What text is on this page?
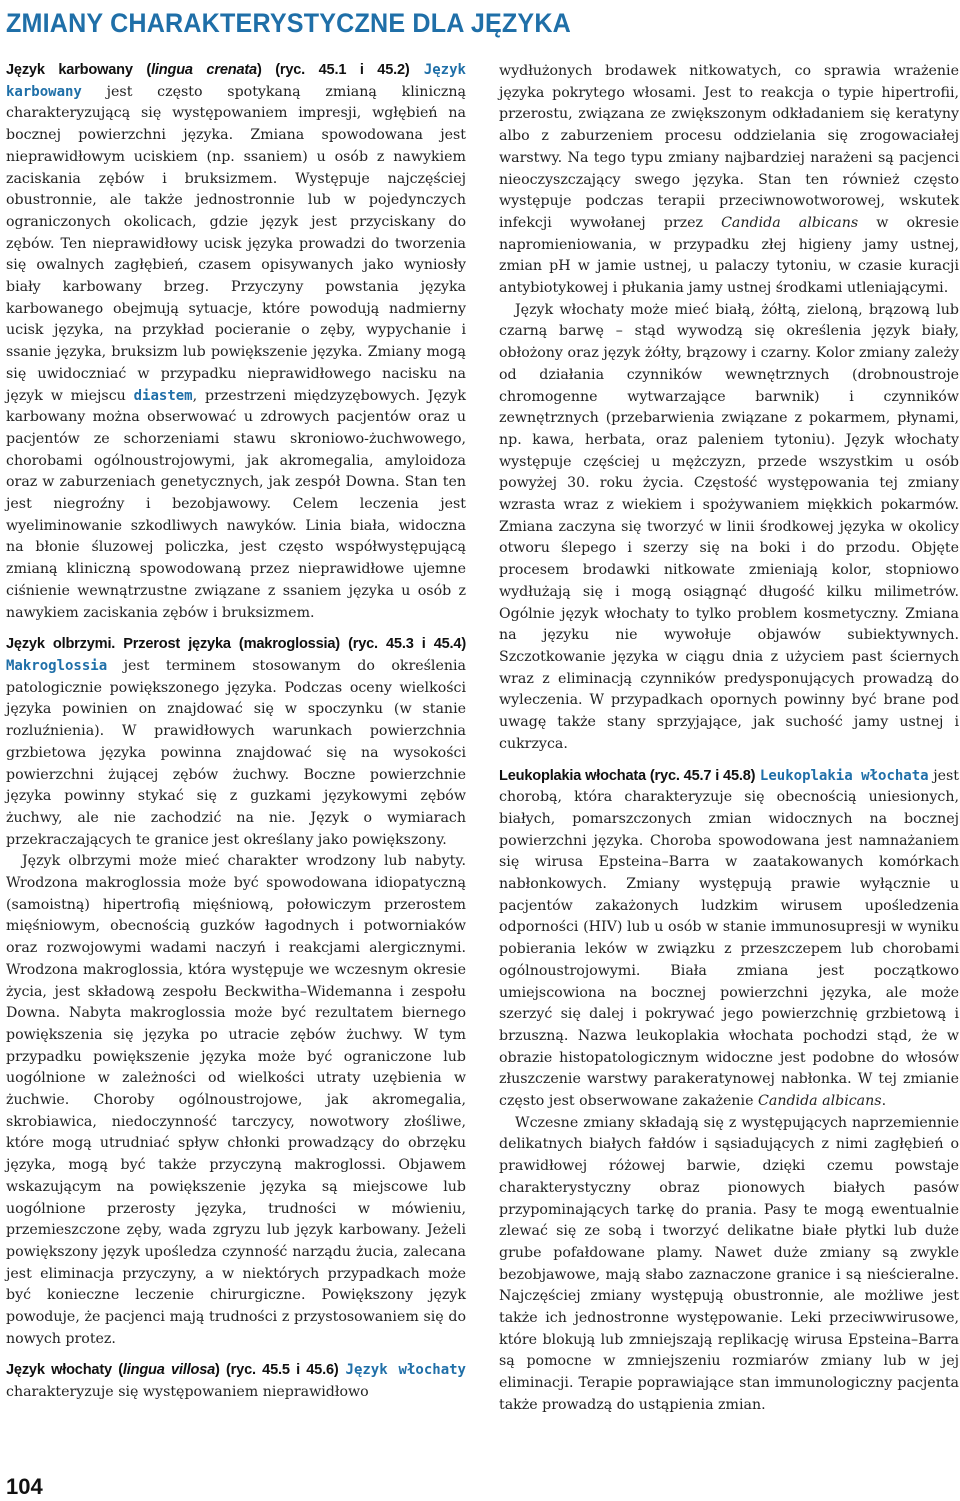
ZMIANY CHARAKTERYSTYCZNE DLA JĘZYKA

Język karbowany (lingua crenata) (ryc. 45.1 i 45.2) Język karbowany jest często spotykaną zmianą kliniczną charakteryzującą się występowaniem impresji, wgłębień na bocznej powierzchni języka. Zmiana spowodowana jest nieprawidłowym uciskiem (np. ssaniem) u osób z nawykiem zaciskania zębów i bruksizmem. Występuje najczęściej obustronnie, ale także jednostronnie lub w pojedynczych ograniczonych okolicach, gdzie język jest przyciskany do zębów. Ten nieprawidłowy ucisk języka prowadzi do tworzenia się owalnych zagłębień, czasem opisywanych jako wyniosły biały karbowany brzeg. Przyczyny powstania języka karbowanego obejmują sytuacje, które powodują nadmierny ucisk języka, na przykład pocieranie o zęby, wypychanie i ssanie języka, bruksizm lub powiększenie języka. Zmiany mogą się uwidoczniać w przypadku nieprawidłowego nacisku na język w miejscu diastem, przestrzeni międzyzębowych. Język karbowany można obserwować u zdrowych pacjentów oraz u pacjentów ze schorzeniami stawu skroniowo-żuchwowego, chorobami ogólnoustrojowymi, jak akromegalia, amyloidoza oraz w zaburzeniach genetycznych, jak zespół Downa. Stan ten jest niegroźny i bezobjawowy. Celem leczenia jest wyeliminowanie szkodliwych nawyków. Linia biała, widoczna na błonie śluzowej policzka, jest często współwystępującą zmianą kliniczną spowodowaną przez nieprawidłowe ujemne ciśnienie wewnątrzustne związane z ssaniem języka u osób z nawykiem zaciskania zębów i bruksizmem.

Język olbrzymi. Przerost języka (makroglossia) (ryc. 45.3 i 45.4) Makroglossia jest terminem stosowanym do określenia patologicznie powiększonego języka. Podczas oceny wielkości języka powinien on znajdować się w spoczynku (w stanie rozluźnienia). W prawidłowych warunkach powierzchnia grzbietowa języka powinna znajdować się na wysokości powierzchni żującej zębów żuchwy. Boczne powierzchnie języka powinny stykać się z guzkami językowymi zębów żuchwy, ale nie zachodzić na nie. Język o wymiarach przekraczających te granice jest określany jako powiększony.

Język olbrzymi może mieć charakter wrodzony lub nabyty. Wrodzona makroglossia może być spowodowana idiopatyczną (samoistną) hipertrofią mięśniową, połowiczym przerostem mięśniowym, obecnością guzków łagodnych i potworniaków oraz rozwojowymi wadami naczyń i reakcjami alergicznymi. Wrodzona makroglossia, która występuje we wczesnym okresie życia, jest składową zespołu Beckwitha–Widemanna i zespołu Downa. Nabyta makroglossia może być rezultatem biernego powiększenia się języka po utracie zębów żuchwy. W tym przypadku powiększenie języka może być ograniczone lub uogólnione w zależności od wielkości utraty uzębienia w żuchwie. Choroby ogólnoustrojowe, jak akromegalia, skrobiawica, niedoczynność tarczycy, nowotwory złośliwe, które mogą utrudniać spływ chłonki prowadzący do obrzęku języka, mogą być także przyczyną makroglossi. Objawem wskazującym na powiększenie języka są miejscowe lub uogólnione przerosty języka, trudności w mówieniu, przemieszczone zęby, wada zgryzu lub język karbowany. Jeżeli powiększony język upośledza czynność narządu żucia, zalecana jest eliminacja przyczyny, a w niektórych przypadkach może być konieczne leczenie chirurgiczne. Powiększony język powoduje, że pacjenci mają trudności z przystosowaniem się do nowych protez.

Język włochaty (lingua villosa) (ryc. 45.5 i 45.6) Język włochaty charakteryzuje się występowaniem nieprawidłowo

wydłużonych brodawek nitkowatych, co sprawia wrażenie języka pokrytego włosami. Jest to reakcja o typie hipertrofii, przerostu, związana ze zwiększonym odkładaniem się keratyny albo z zaburzeniem procesu oddzielania się zrogowaciałej warstwy. Na tego typu zmiany najbardziej narażeni są pacjenci nieoczyszczający swego języka. Stan ten również często występuje podczas terapii przeciwnowotworowej, wskutek infekcji wywołanej przez Candida albicans w okresie napromieniowania, w przypadku złej higieny jamy ustnej, zmian pH w jamie ustnej, u palaczy tytoniu, w czasie kuracji antybiotykowej i płukania jamy ustnej środkami utleniającymi.

Język włochaty może mieć białą, żółtą, zieloną, brązową lub czarną barwę – stąd wywodzą się określenia język biały, obłożony oraz język żółty, brązowy i czarny. Kolor zmiany zależy od działania czynników wewnętrznych (drobnoustroje chromogenne wytwarzające barwnik) i czynników zewnętrznych (przebarwienia związane z pokarmem, płynami, np. kawa, herbata, oraz paleniem tytoniu). Język włochaty występuje częściej u mężczyzn, przede wszystkim u osób powyżej 30. roku życia. Częstość występowania tej zmiany wzrasta wraz z wiekiem i spożywaniem miękkich pokarmów. Zmiana zaczyna się tworzyć w linii środkowej języka w okolicy otworu ślepego i szerzy się na boki i do przodu. Objęte procesem brodawki nitkowate zmieniają kolor, stopniowo wydłużają się i mogą osiągnąć długość kilku milimetrów. Ogólnie język włochaty to tylko problem kosmetyczny. Zmiana na języku nie wywołuje objawów subiektywnych. Szczotkowanie języka w ciągu dnia z użyciem past ściernych wraz z eliminacją czynników predysponujących prowadzą do wyleczenia. W przypadkach opornych powinny być brane pod uwagę także stany sprzyjające, jak suchość jamy ustnej i cukrzyca.

Leukoplakia włochata (ryc. 45.7 i 45.8) Leukoplakia włochata jest chorobą, która charakteryzuje się obecnością uniesionych, białych, pomarszczonych zmian widocznych na bocznej powierzchni języka. Choroba spowodowana jest namnażaniem się wirusa Epsteina–Barra w zaatakowanych komórkach nabłonkowych. Zmiany występują prawie wyłącznie u pacjentów zakażonych ludzkim wirusem upośledzenia odporności (HIV) lub u osób w stanie immunosupresji w wyniku pobierania leków w związku z przeszczepem lub chorobami ogólnoustrojowymi. Biała zmiana jest początkowo umiejscowiona na bocznej powierzchni języka, ale może szerzyć się dalej i pokrywać jego powierzchnię grzbietową i brzuszną. Nazwa leukoplakia włochata pochodzi stąd, że w obrazie histopatologicznym widoczne jest podobne do włosów złuszczenie warstwy parakeratynowej nabłonka. W tej zmianie często jest obserwowane zakażenie Candida albicans.

Wczesne zmiany składają się z występujących naprzemiennie delikatnych białych fałdów i sąsiadujących z nimi zagłębień o prawidłowej różowej barwie, dzięki czemu powstaje charakterystyczny obraz pionowych białych pasów przypominających tarkę do prania. Pasy te mogą ewentualnie zlewać się ze sobą i tworzyć delikatne białe płytki lub duże grube pofałdowane plamy. Nawet duże zmiany są zwykle bezobjawowe, mają słabo zaznaczone granice i są nieścieralne. Najczęściej zmiany występują obustronnie, ale możliwe jest także ich jednostronne występowanie. Leki przeciwwirusowe, które blokują lub zmniejszają replikację wirusa Epsteina–Barra są pomocne w zmniejszeniu rozmiarów zmiany lub w jej eliminacji. Terapie poprawiające stan immunologiczny pacjenta także prowadzą do ustąpienia zmian.

104
